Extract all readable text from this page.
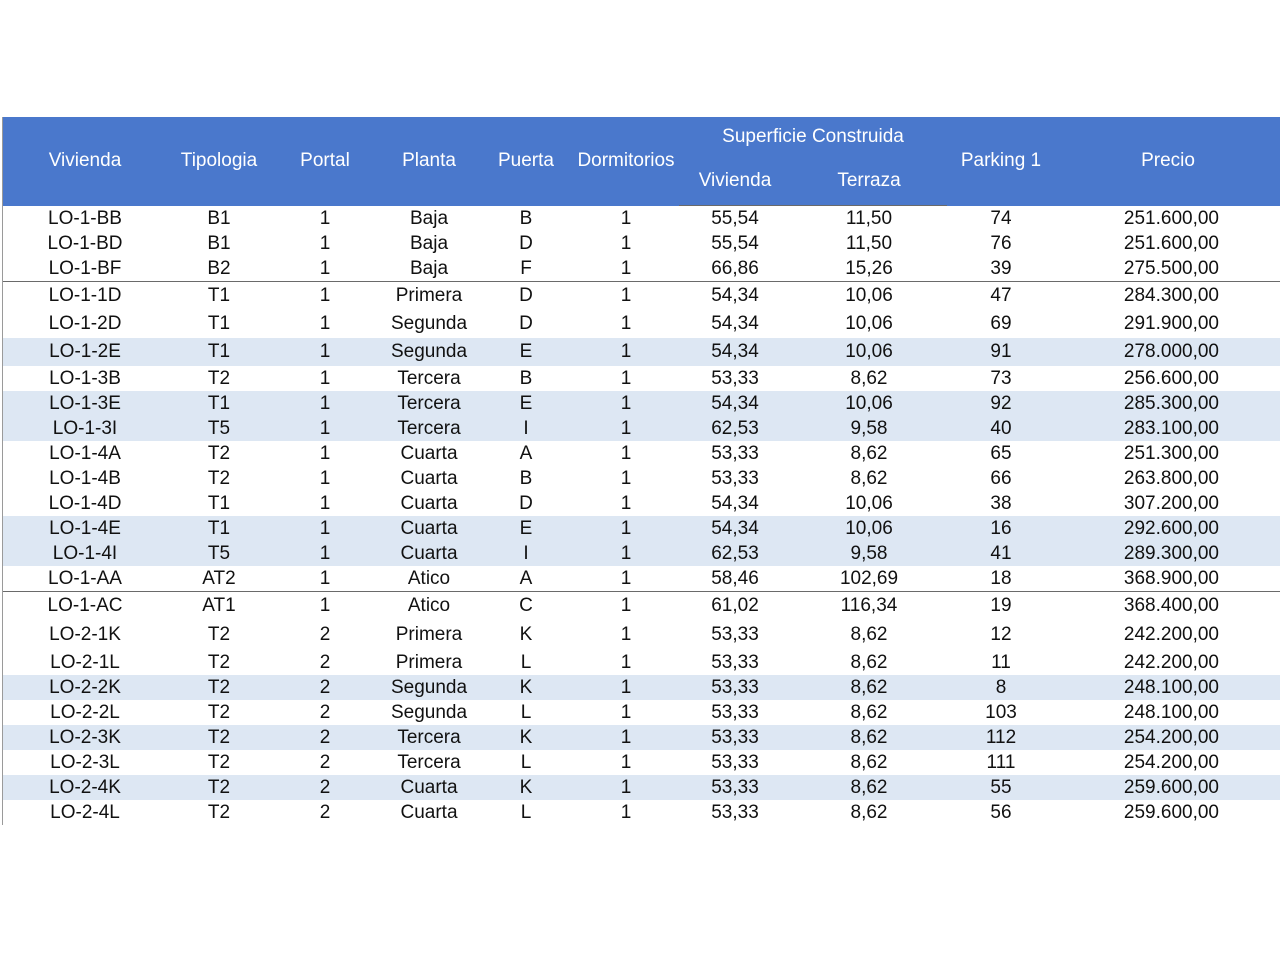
Vivienda	Tipologia	Portal	Planta	Puerta	Dormitorios	Superficie Construida		Parking 1	Precio
						Vivienda	Terraza		
LO-1-BB	B1	1	Baja	B	1	55,54	11,50	74	251.600,00
LO-1-BD	B1	1	Baja	D	1	55,54	11,50	76	251.600,00
LO-1-BF	B2	1	Baja	F	1	66,86	15,26	39	275.500,00
LO-1-1D	T1	1	Primera	D	1	54,34	10,06	47	284.300,00
LO-1-2D	T1	1	Segunda	D	1	54,34	10,06	69	291.900,00
LO-1-2E	T1	1	Segunda	E	1	54,34	10,06	91	278.000,00
LO-1-3B	T2	1	Tercera	B	1	53,33	8,62	73	256.600,00
LO-1-3E	T1	1	Tercera	E	1	54,34	10,06	92	285.300,00
LO-1-3I	T5	1	Tercera	I	1	62,53	9,58	40	283.100,00
LO-1-4A	T2	1	Cuarta	A	1	53,33	8,62	65	251.300,00
LO-1-4B	T2	1	Cuarta	B	1	53,33	8,62	66	263.800,00
LO-1-4D	T1	1	Cuarta	D	1	54,34	10,06	38	307.200,00
LO-1-4E	T1	1	Cuarta	E	1	54,34	10,06	16	292.600,00
LO-1-4I	T5	1	Cuarta	I	1	62,53	9,58	41	289.300,00
LO-1-AA	AT2	1	Atico	A	1	58,46	102,69	18	368.900,00
LO-1-AC	AT1	1	Atico	C	1	61,02	116,34	19	368.400,00
LO-2-1K	T2	2	Primera	K	1	53,33	8,62	12	242.200,00
LO-2-1L	T2	2	Primera	L	1	53,33	8,62	11	242.200,00
LO-2-2K	T2	2	Segunda	K	1	53,33	8,62	8	248.100,00
LO-2-2L	T2	2	Segunda	L	1	53,33	8,62	103	248.100,00
LO-2-3K	T2	2	Tercera	K	1	53,33	8,62	112	254.200,00
LO-2-3L	T2	2	Tercera	L	1	53,33	8,62	111	254.200,00
LO-2-4K	T2	2	Cuarta	K	1	53,33	8,62	55	259.600,00
LO-2-4L	T2	2	Cuarta	L	1	53,33	8,62	56	259.600,00
